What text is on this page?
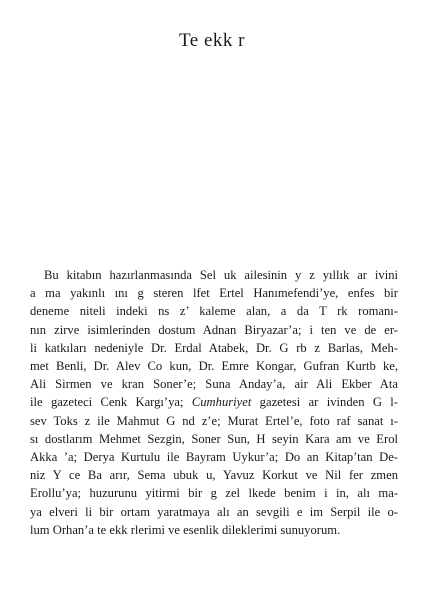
Te ekk r
Bu kitabın hazırlanmasında Sel uk ailesinin y z yıllık ar ivini
a ma yakınlı ını g steren lfet Ertel Hanımefendi’ye, enfes bir
deneme niteli indeki ns z’ kaleme alan, a da T rk romanı-
nın zirve isimlerinden dostum Adnan Biryazar’a; i ten ve de er-
li katkıları nedeniyle Dr. Erdal Atabek, Dr. G rb z Barlas, Meh-
met Benli, Dr. Alev Co kun, Dr. Emre Kongar, Gufran Kurtb ke,
Ali Sirmen ve kran Soner’e; Suna Anday’a, air Ali Ekber Ata
ile gazeteci Cenk Kargı’ya; Cumhuriyet gazetesi ar ivinden G l-
sev Toks z ile Mahmut G nd z’e; Murat Ertel’e, foto raf sanat ı-
sı dostlarım Mehmet Sezgin, Soner Sun, H seyin Kara am ve Erol
Akka ’a; Derya Kurtulu ile Bayram Uykur’a; Do an Kitap’tan De-
niz Y ce Ba arır, Sema ubuk u, Yavuz Korkut ve Nil fer zmen
Erollu’ya; huzurunu yitirmi bir g zel lkede benim i in, alı ma-
ya elveri li bir ortam yaratmaya alı an sevgili e im Serpil ile o-
lum Orhan’a te ekk rlerimi ve esenlik dileklerimi sunuyorum.
